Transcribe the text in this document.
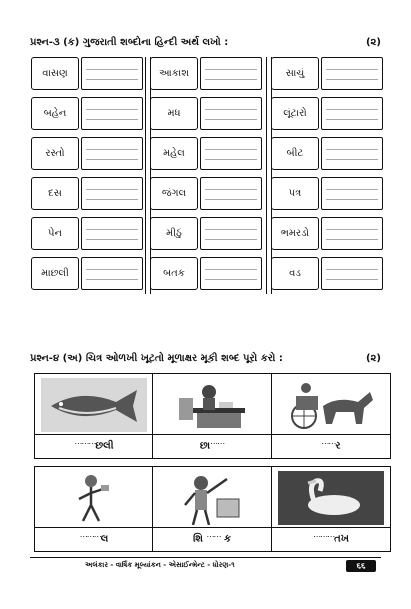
પ્રશ્ન-૩ (ક) ગુજરાતી શબ્દોના હિન્દી અર્થ લખો :	(૨)
વાસણ	આકાશ	સાચું
બહેન	મધ	લૂંટારો
રસ્તો	મહેલ	બીટ
દસ	જંગલ	પત્ર
પેન	મીઠું	ભમરડો
માછલી	બતક	વડ
પ્રશ્ન-૪ (અ) ચિત્ર ઓળખી ખૂટતો મૂળાક્ષર મૂકી શબ્દ પૂરો કરો :	(૨)
………છલી	છા……	……ર
………લ	શિ …… ક	………તખ
અલંકાર - વાર્ષિક મૂલ્યાંકન - એસાઈન્મેન્ટ - ધોરણ-૧	૬૬
